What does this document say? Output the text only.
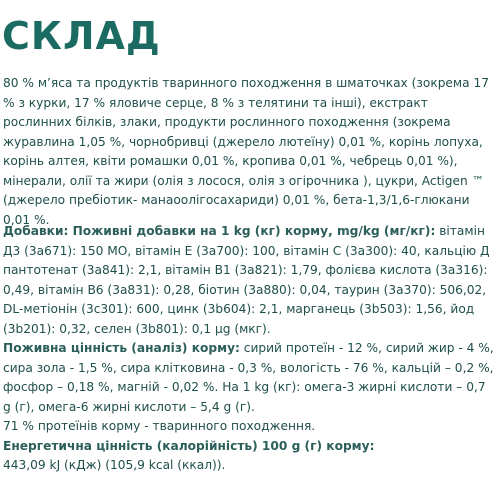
СКЛАД

80 % м’яса та продуктів тваринного походження в шматочках (зокрема 17 % з курки, 17 % яловиче серце, 8 % з телятини та інші), екстракт рослинних білків, злаки, продукти рослинного походження (зокрема журавлина 1,05 %, чорнобривці (джерело лютеїну) 0,01 %, корінь лопуха, корінь алтея, квіти ромашки 0,01 %, кропива 0,01 %, чебрець 0,01 %), мінерали, олії та жири (олія з лосося, олія з огірочника ), цукри, Actigen ™ (джерело пребіотик- манаоолігосахариди) 0,01 %, бета-1,3/1,6-глюкани 0,01 %.

Добавки: Поживні добавки на 1 kg (кг) корму, mg/kg (мг/кг): вітамін Д3 (3а671): 150 МО, вітамін Е (3а700): 100, вітамін С (3а300): 40, кальцію Д пантотенат (3а841): 2,1, вітамін В1 (3а821): 1,79, фолієва кислота (3а316): 0,49, вітамін В6 (3а831): 0,28, біотин (3а880): 0,04, таурин (3а370): 506,02, DL-метіонін (3с301): 600, цинк (3b604): 2,1, марганець (3b503): 1,56, йод (3b201): 0,32, селен (3b801): 0,1 µg (мкг).

Поживна цінність (аналіз) корму: сирий протеїн - 12 %, сирий жир - 4 %, сира зола - 1,5 %, сира клітковина - 0,3 %, вологість - 76 %, кальцій – 0,2 %, фосфор – 0,18 %, магній - 0,02 %. На 1 kg (кг): омега-3 жирні кислоти – 0,7 g (г), омега-6 жирні кислоти – 5,4 g (г).

71 % протеїнів корму - тваринного походження.

Енергетична цінність (калорійність) 100 g (г) корму:
443,09 kJ (кДж) (105,9 kcal (ккал)).
